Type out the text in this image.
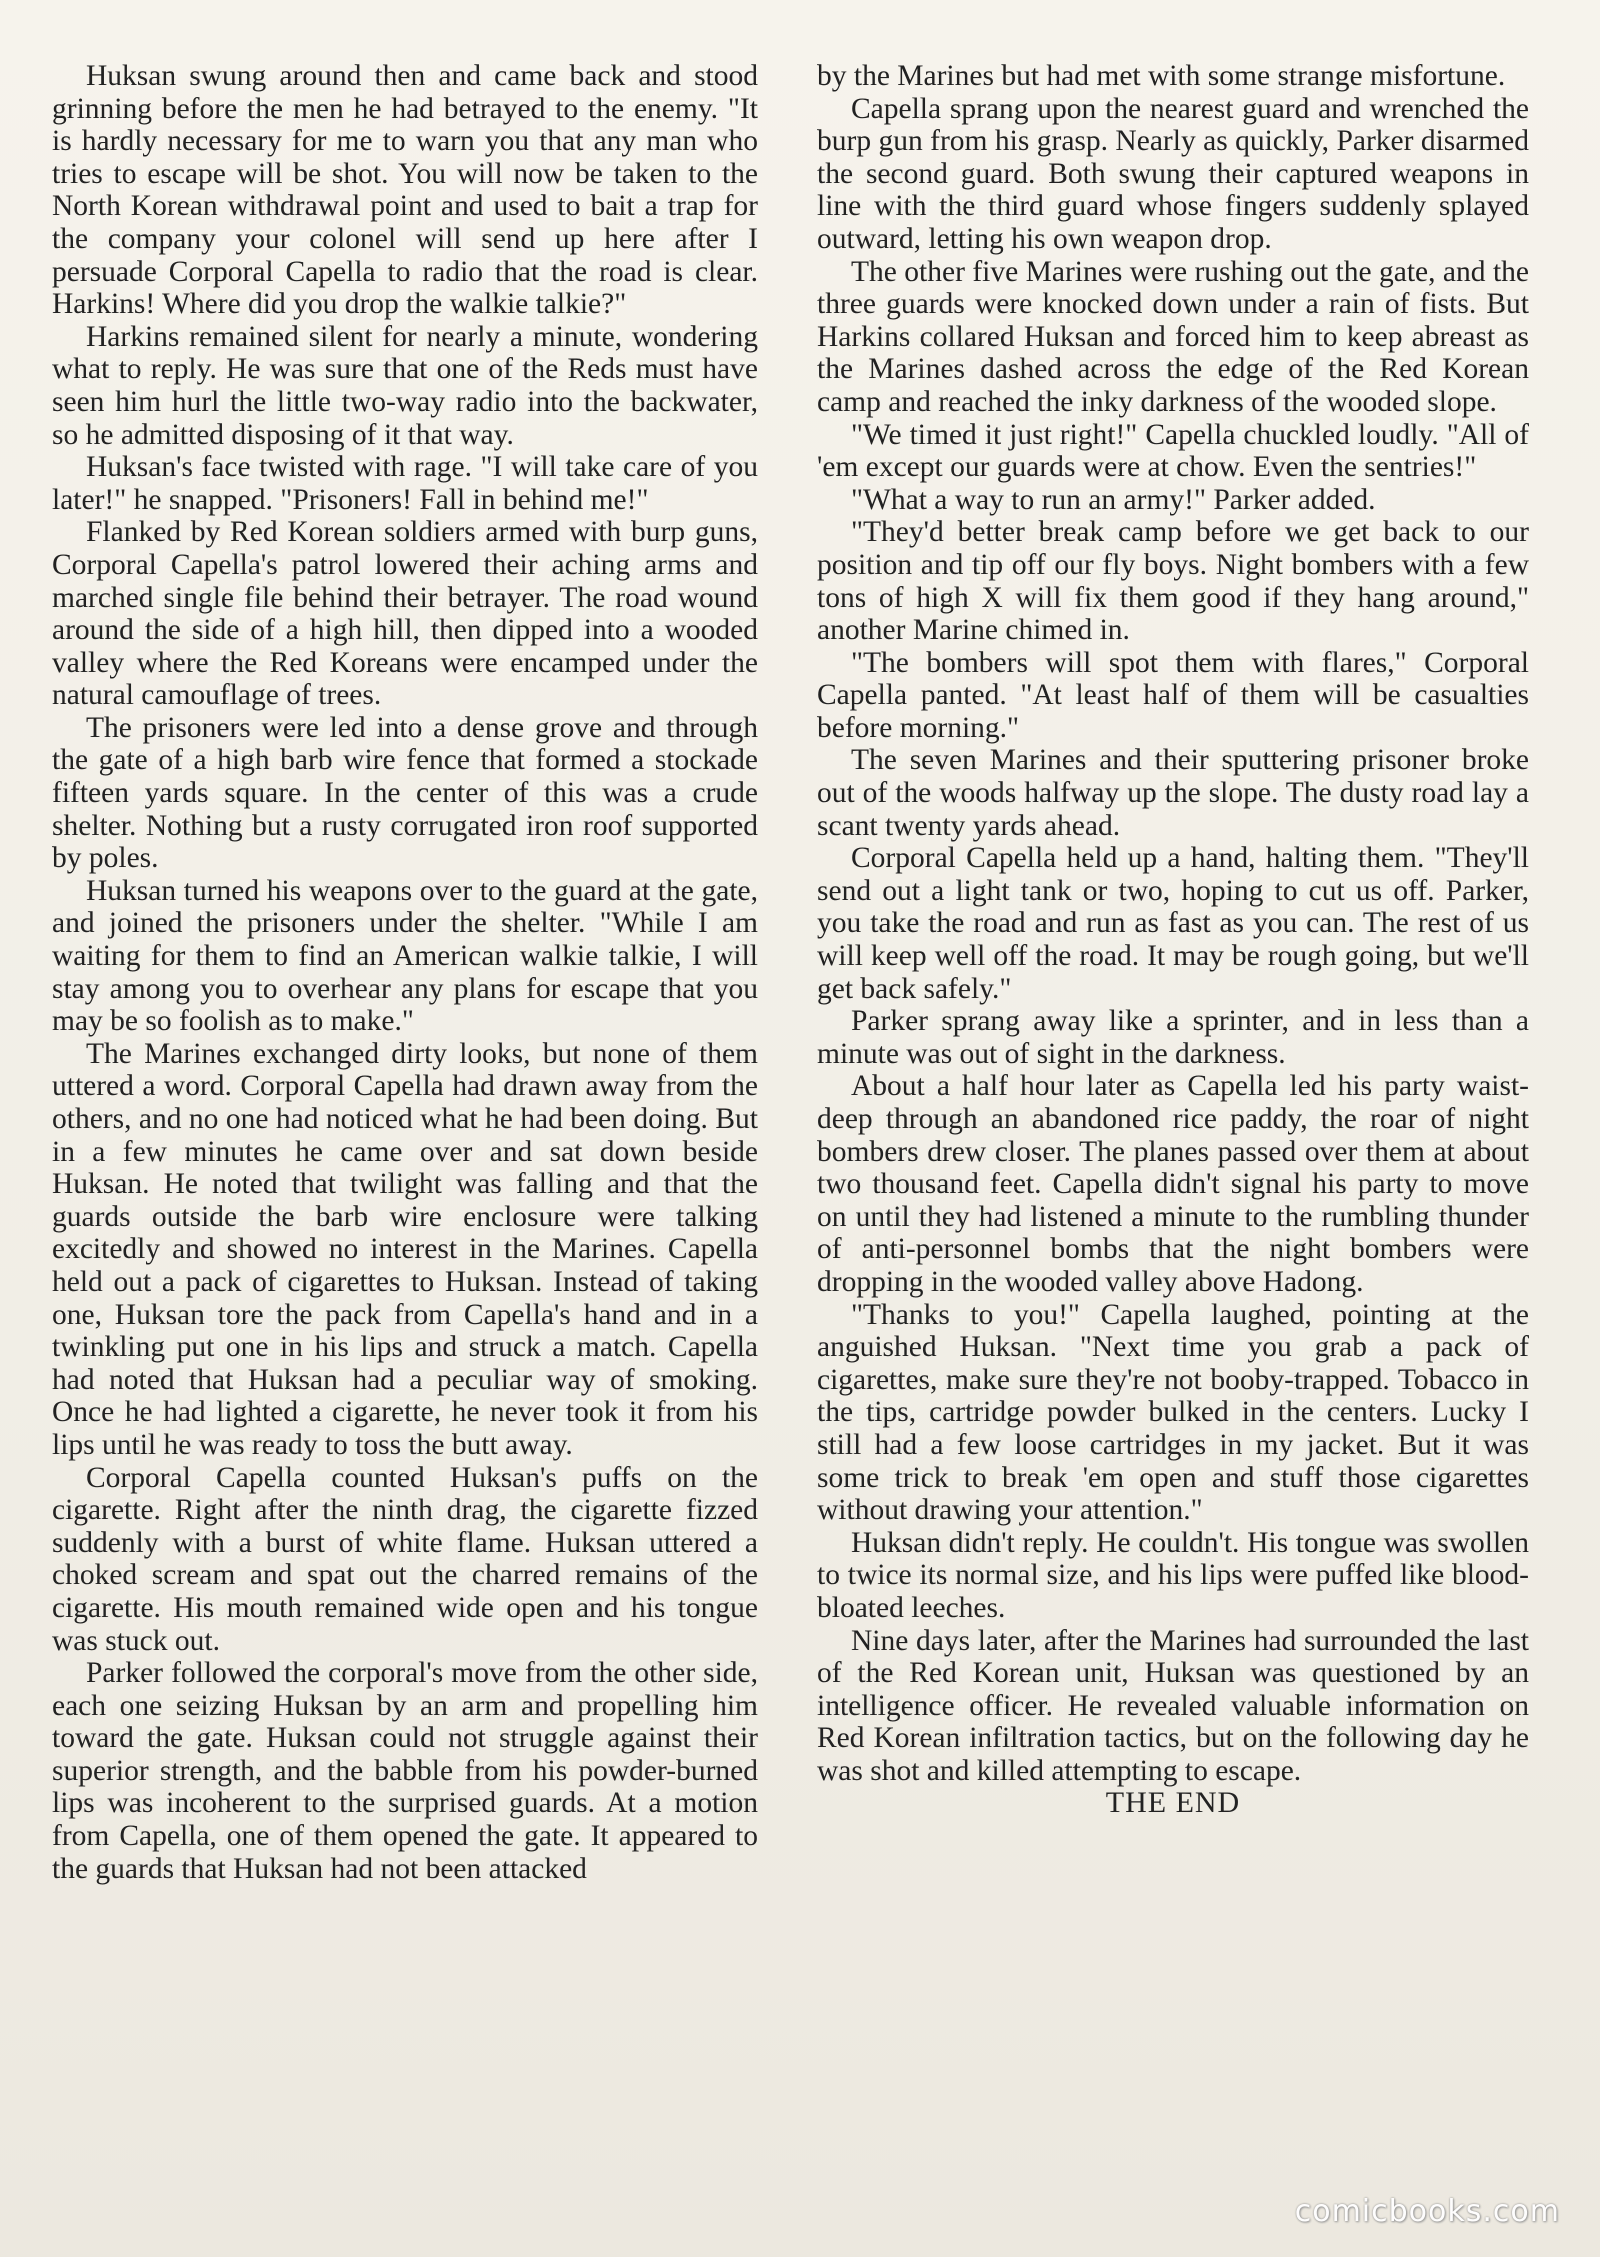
Huksan swung around then and came back and stood grinning before the men he had betrayed to the enemy. "It is hardly necessary for me to warn you that any man who tries to escape will be shot. You will now be taken to the North Korean withdrawal point and used to bait a trap for the company your colonel will send up here after I persuade Corporal Capella to radio that the road is clear. Harkins! Where did you drop the walkie talkie?"

Harkins remained silent for nearly a minute, wondering what to reply. He was sure that one of the Reds must have seen him hurl the little two-way radio into the backwater, so he admitted disposing of it that way.

Huksan's face twisted with rage. "I will take care of you later!" he snapped. "Prisoners! Fall in behind me!"

Flanked by Red Korean soldiers armed with burp guns, Corporal Capella's patrol lowered their aching arms and marched single file behind their betrayer. The road wound around the side of a high hill, then dipped into a wooded valley where the Red Koreans were encamped under the natural camouflage of trees.

The prisoners were led into a dense grove and through the gate of a high barb wire fence that formed a stockade fifteen yards square. In the center of this was a crude shelter. Nothing but a rusty corrugated iron roof supported by poles.

Huksan turned his weapons over to the guard at the gate, and joined the prisoners under the shelter. "While I am waiting for them to find an American walkie talkie, I will stay among you to overhear any plans for escape that you may be so foolish as to make."

The Marines exchanged dirty looks, but none of them uttered a word. Corporal Capella had drawn away from the others, and no one had noticed what he had been doing. But in a few minutes he came over and sat down beside Huksan. He noted that twilight was falling and that the guards outside the barb wire enclosure were talking excitedly and showed no interest in the Marines. Capella held out a pack of cigarettes to Huksan. Instead of taking one, Huksan tore the pack from Capella's hand and in a twinkling put one in his lips and struck a match. Capella had noted that Huksan had a peculiar way of smoking. Once he had lighted a cigarette, he never took it from his lips until he was ready to toss the butt away.

Corporal Capella counted Huksan's puffs on the cigarette. Right after the ninth drag, the cigarette fizzed suddenly with a burst of white flame. Huksan uttered a choked scream and spat out the charred remains of the cigarette. His mouth remained wide open and his tongue was stuck out.

Parker followed the corporal's move from the other side, each one seizing Huksan by an arm and propelling him toward the gate. Huksan could not struggle against their superior strength, and the babble from his powder-burned lips was incoherent to the surprised guards. At a motion from Capella, one of them opened the gate. It appeared to the guards that Huksan had not been attacked

by the Marines but had met with some strange misfortune.

Capella sprang upon the nearest guard and wrenched the burp gun from his grasp. Nearly as quickly, Parker disarmed the second guard. Both swung their captured weapons in line with the third guard whose fingers suddenly splayed outward, letting his own weapon drop.

The other five Marines were rushing out the gate, and the three guards were knocked down under a rain of fists. But Harkins collared Huksan and forced him to keep abreast as the Marines dashed across the edge of the Red Korean camp and reached the inky darkness of the wooded slope.

"We timed it just right!" Capella chuckled loudly. "All of 'em except our guards were at chow. Even the sentries!"

"What a way to run an army!" Parker added.

"They'd better break camp before we get back to our position and tip off our fly boys. Night bombers with a few tons of high X will fix them good if they hang around," another Marine chimed in.

"The bombers will spot them with flares," Corporal Capella panted. "At least half of them will be casualties before morning."

The seven Marines and their sputtering prisoner broke out of the woods halfway up the slope. The dusty road lay a scant twenty yards ahead.

Corporal Capella held up a hand, halting them. "They'll send out a light tank or two, hoping to cut us off. Parker, you take the road and run as fast as you can. The rest of us will keep well off the road. It may be rough going, but we'll get back safely."

Parker sprang away like a sprinter, and in less than a minute was out of sight in the darkness.

About a half hour later as Capella led his party waist-deep through an abandoned rice paddy, the roar of night bombers drew closer. The planes passed over them at about two thousand feet. Capella didn't signal his party to move on until they had listened a minute to the rumbling thunder of anti-personnel bombs that the night bombers were dropping in the wooded valley above Hadong.

"Thanks to you!" Capella laughed, pointing at the anguished Huksan. "Next time you grab a pack of cigarettes, make sure they're not booby-trapped. Tobacco in the tips, cartridge powder bulked in the centers. Lucky I still had a few loose cartridges in my jacket. But it was some trick to break 'em open and stuff those cigarettes without drawing your attention."

Huksan didn't reply. He couldn't. His tongue was swollen to twice its normal size, and his lips were puffed like blood-bloated leeches.

Nine days later, after the Marines had surrounded the last of the Red Korean unit, Huksan was questioned by an intelligence officer. He revealed valuable information on Red Korean infiltration tactics, but on the following day he was shot and killed attempting to escape.

THE END

comicbooks.com
